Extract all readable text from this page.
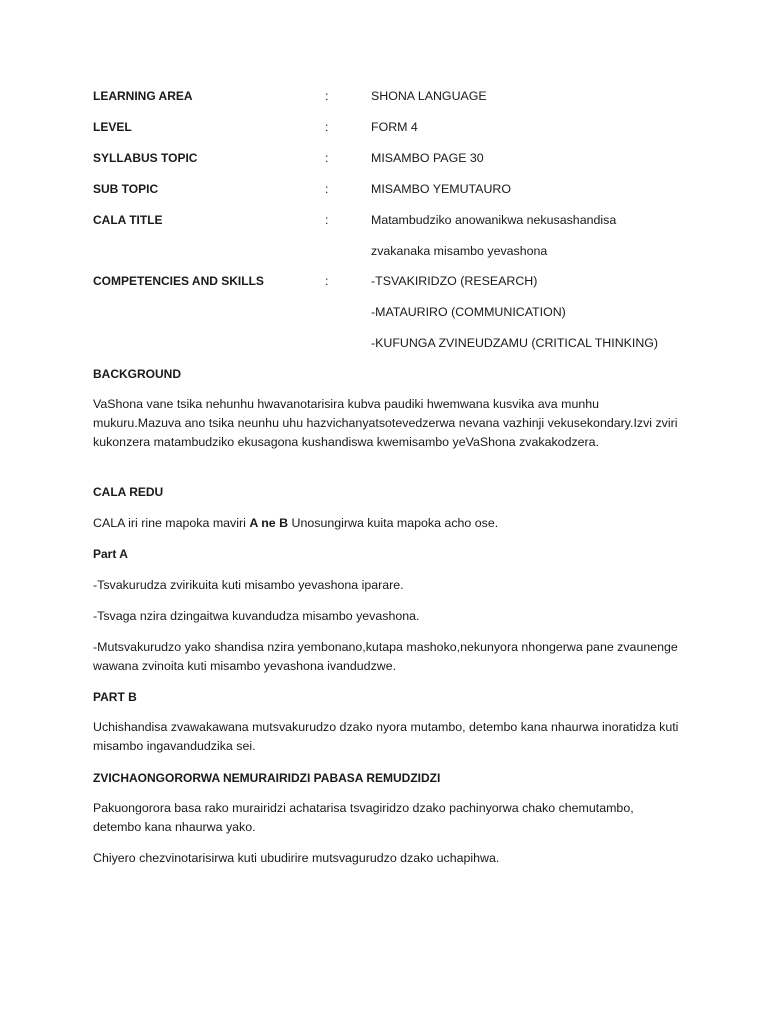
LEARNING AREA	:	SHONA LANGUAGE
LEVEL	:	FORM 4
SYLLABUS TOPIC	:	MISAMBO PAGE 30
SUB TOPIC	:	MISAMBO YEMUTAURO
CALA TITLE	:	Matambudziko anowanikwa nekusashandisa
zvakanaka misambo yevashona
COMPETENCIES AND SKILLS	:	-TSVAKIRIDZO (RESEARCH)
-MATAURIRO (COMMUNICATION)
-KUFUNGA ZVINEUDZAMU (CRITICAL THINKING)
BACKGROUND
VaShona vane tsika nehunhu hwavanotarisira kubva paudiki hwemwana kusvika ava munhu mukuru.Mazuva ano tsika neunhu uhu hazvichanyatsotevedzerwa nevana vazhinji vekusekondary.Izvi zviri kukonzera matambudziko ekusagona kushandiswa kwemisambo yeVaShona zvakakodzera.
CALA REDU
CALA iri rine mapoka maviri A ne B Unosungirwa kuita mapoka acho ose.
Part A
-Tsvakurudza zvirikuita kuti misambo yevashona iparare.
-Tsvaga nzira dzingaitwa kuvandudza misambo yevashona.
-Mutsvakurudzo yako shandisa nzira yembonano,kutapa mashoko,nekunyora nhongerwa pane zvaunenge wawana zvinoita kuti misambo yevashona ivandudzwe.
PART B
Uchishandisa zvawakawana mutsvakurudzo dzako nyora mutambo, detembo kana nhaurwa inoratidza kuti misambo ingavandudzika sei.
ZVICHAONGORORWA NEMURAIRIDZI PABASA REMUDZIDZI
Pakuongorora basa rako murairidzi achatarisa tsvagiridzo dzako pachinyorwa chako chemutambo, detembo kana nhaurwa yako.
Chiyero chezvinotarisirwa kuti ubudirire mutsvagurudzo dzako uchapihwa.
